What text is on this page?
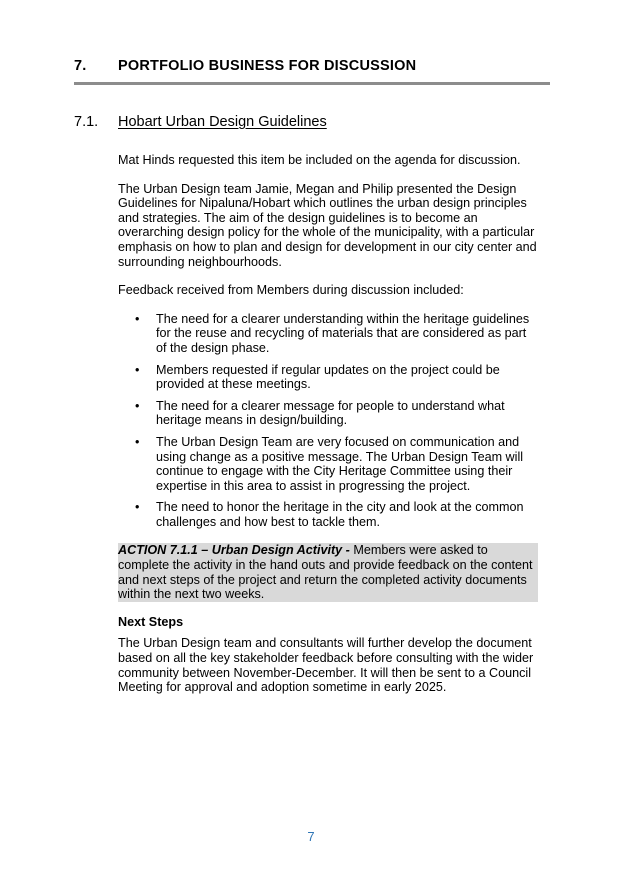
7. PORTFOLIO BUSINESS FOR DISCUSSION
7.1. Hobart Urban Design Guidelines

Mat Hinds requested this item be included on the agenda for discussion.

The Urban Design team Jamie, Megan and Philip presented the Design Guidelines for Nipaluna/Hobart which outlines the urban design principles and strategies. The aim of the design guidelines is to become an overarching design policy for the whole of the municipality, with a particular emphasis on how to plan and design for development in our city center and surrounding neighbourhoods.

Feedback received from Members during discussion included:

• The need for a clearer understanding within the heritage guidelines for the reuse and recycling of materials that are considered as part of the design phase.
• Members requested if regular updates on the project could be provided at these meetings.
• The need for a clearer message for people to understand what heritage means in design/building.
• The Urban Design Team are very focused on communication and using change as a positive message. The Urban Design Team will continue to engage with the City Heritage Committee using their expertise in this area to assist in progressing the project.
• The need to honor the heritage in the city and look at the common challenges and how best to tackle them.
ACTION 7.1.1 – Urban Design Activity - Members were asked to complete the activity in the hand outs and provide feedback on the content and next steps of the project and return the completed activity documents within the next two weeks.
Next Steps

The Urban Design team and consultants will further develop the document based on all the key stakeholder feedback before consulting with the wider community between November-December. It will then be sent to a Council Meeting for approval and adoption sometime in early 2025.

7
